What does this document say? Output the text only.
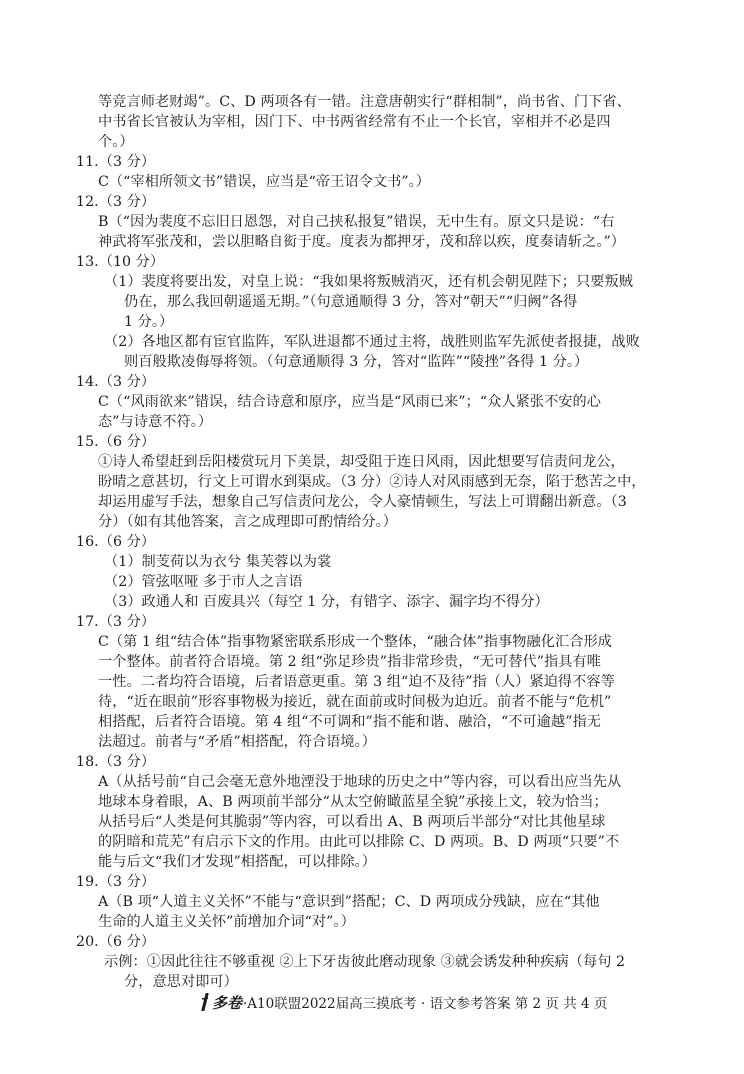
等竞言师老财竭”。C、D 两项各有一错。注意唐朝实行“群相制”，尚书省、门下省、
中书省长官被认为宰相，因门下、中书两省经常有不止一个长官，宰相并不必是四
个。）
11.（3 分）
C（“宰相所领文书”错误，应当是“帝王诏令文书”。）
12.（3 分）
B（“因为裴度不忘旧日恩怨，对自己挟私报复”错误，无中生有。原文只是说：“右
神武将军张茂和，尝以胆略自衒于度。度表为都押牙，茂和辞以疾，度奏请斩之。”）
13.（10 分）
（1）裴度将要出发，对皇上说：“我如果将叛贼消灭，还有机会朝见陛下；只要叛贼
仍在，那么我回朝遥遥无期。”（句意通顺得 3 分，答对“朝天”“归阙”各得
1 分。）
（2）各地区都有宦官监阵，军队进退都不通过主将，战胜则监军先派使者报捷，战败
则百般欺凌侮辱将领。（句意通顺得 3 分，答对“监阵”“陵挫”各得 1 分。）
14.（3 分）
C（“风雨欲来”错误，结合诗意和原序，应当是“风雨已来”；“众人紧张不安的心
态”与诗意不符。）
15.（6 分）
①诗人希望赶到岳阳楼赏玩月下美景，却受阻于连日风雨，因此想要写信责问龙公，
盼晴之意甚切，行文上可谓水到渠成。（3 分）②诗人对风雨感到无奈，陷于愁苦之中，
却运用虚写手法，想象自己写信责问龙公，令人豪情顿生，写法上可谓翻出新意。（3
分）（如有其他答案，言之成理即可酌情给分。）
16.（6 分）
（1）制芰荷以为衣兮 集芙蓉以为裳
（2）管弦呕哑 多于市人之言语
（3）政通人和 百废具兴（每空 1 分，有错字、添字、漏字均不得分）
17.（3 分）
C（第 1 组“结合体”指事物紧密联系形成一个整体，“融合体”指事物融化汇合形成
一个整体。前者符合语境。第 2 组“弥足珍贵”指非常珍贵，“无可替代”指具有唯
一性。二者均符合语境，后者语意更重。第 3 组“迫不及待”指（人）紧迫得不容等
待，“近在眼前”形容事物极为接近，就在面前或时间极为迫近。前者不能与“危机”
相搭配，后者符合语境。第 4 组“不可调和”指不能和谐、融洽，“不可逾越”指无
法超过。前者与“矛盾”相搭配，符合语境。）
18.（3 分）
A（从括号前“自己会毫无意外地湮没于地球的历史之中”等内容，可以看出应当先从
地球本身着眼，A、B 两项前半部分“从太空俯瞰蓝星全貌”承接上文，较为恰当；
从括号后“人类是何其脆弱”等内容，可以看出 A、B 两项后半部分“对比其他星球
的阴暗和荒芜”有启示下文的作用。由此可以排除 C、D 两项。B、D 两项“只要”不
能与后文“我们才发现”相搭配，可以排除。）
19.（3 分）
A（B 项“人道主义关怀”不能与“意识到”搭配；C、D 两项成分残缺，应在“其他
生命的人道主义关怀”前增加介词“对”。）
20.（6 分）
示例：①因此往往不够重视 ②上下牙齿彼此磨动现象 ③就会诱发种种疾病（每句 2
分，意思对即可）
多卷·A10联盟2022届高三摸底考 · 语文参考答案 第 2 页 共 4 页
